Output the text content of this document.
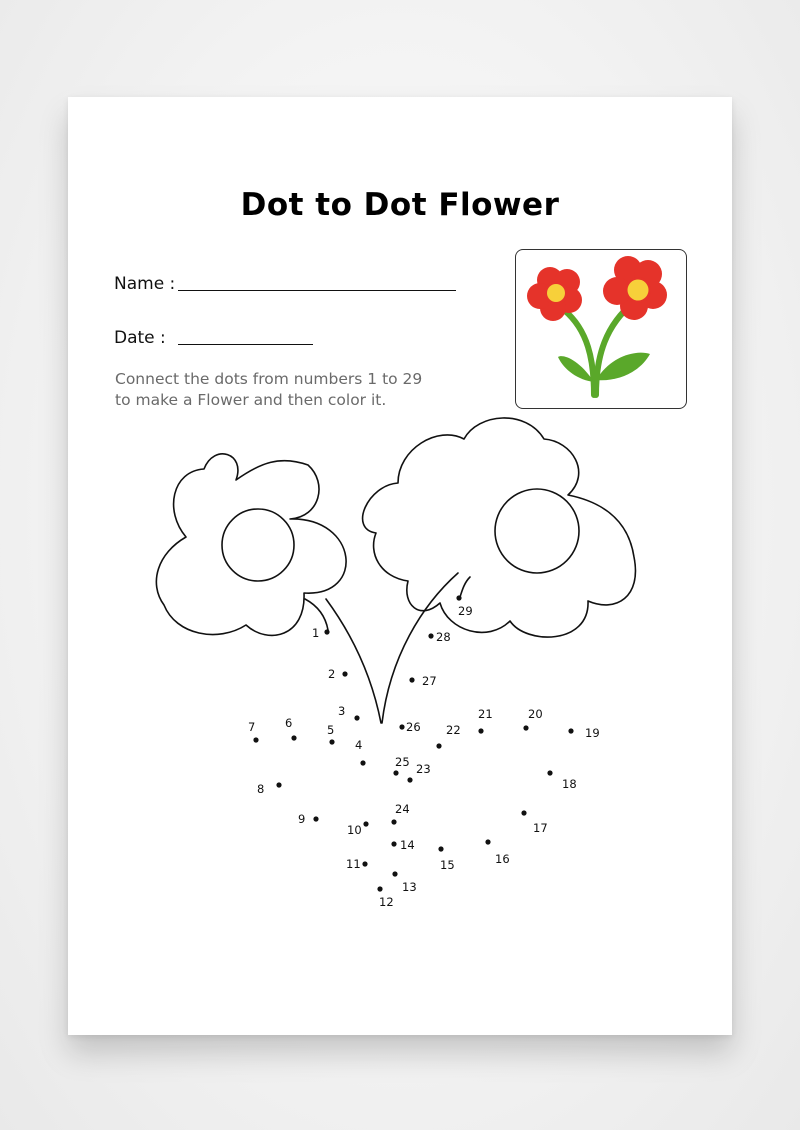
Dot to Dot Flower
Name :
Date :
Connect the dots from numbers 1 to 29
to make a Flower and then color it.
1
2
3
4
5
6
7
8
9
10
11
12
13
14
15	16
17
18
19
20
21
22
23
24
25
26
27
28
29
